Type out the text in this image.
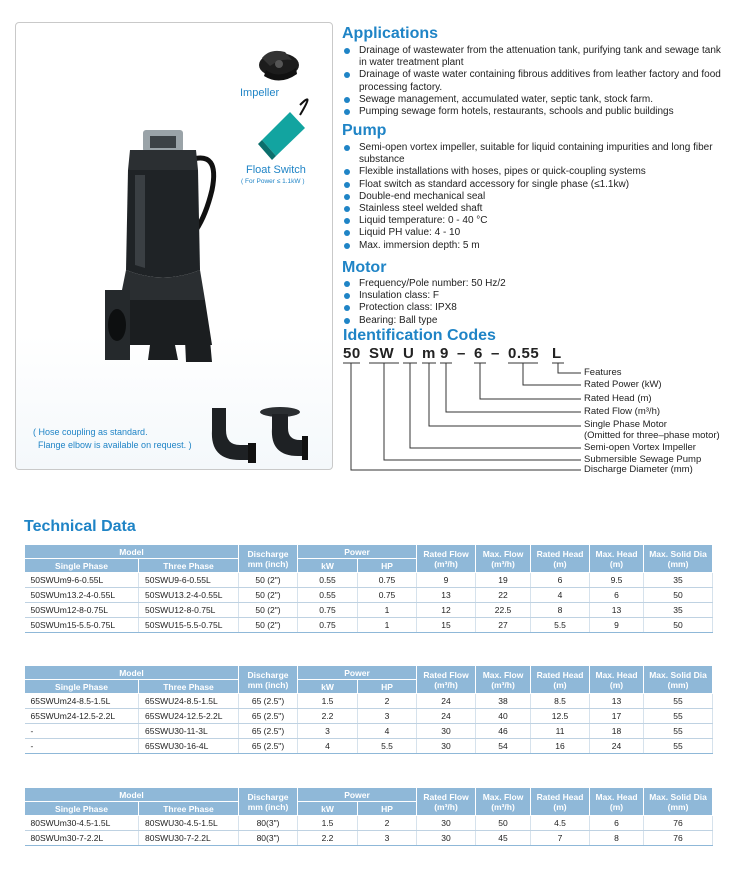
Impeller
Float Switch
( For Power ≤ 1.1kW )
( Hose coupling as standard.
Flange elbow is available on request. )
Applications
Drainage of wastewater from the attenuation tank, purifying tank and sewage tank in water treatment plant
Drainage of waste water containing fibrous additives from leather factory and food processing factory.
Sewage management, accumulated water, septic tank, stock farm.
Pumping sewage form hotels, restaurants, schools and public buildings
Pump
Semi-open vortex impeller, suitable for liquid containing impurities and long fiber substance
Flexible installations with hoses, pipes or quick-coupling systems
Float switch as standard accessory for single phase (≤1.1kw)
Double-end mechanical seal
Stainless steel welded shaft
Liquid temperature: 0 - 40 °C
Liquid PH value: 4 - 10
Max. immersion depth: 5 m
Motor
Frequency/Pole number: 50 Hz/2
Insulation class: F
Protection class: IPX8
Bearing: Ball type
Identification Codes
50 SW U m 9 – 6 – 0.55 L
Features
Rated Power (kW)
Rated Head (m)
Rated Flow (m³/h)
Single Phase Motor
(Omitted for three–phase motor)
Semi-open Vortex Impeller
Submersible Sewage Pump
Discharge Diameter (mm)
Technical Data
Model		Discharge
mm (inch)	Power		Rated Flow
(m³/h)	Max. Flow
(m³/h)	Rated Head
(m)	Max. Head
(m)	Max. Solid Dia
(mm)
Single Phase	Three Phase		kW	HP					
50SWUm9-6-0.55L	50SWU9-6-0.55L	50 (2")	0.55	0.75	9	19	6	9.5	35
50SWUm13.2-4-0.55L	50SWU13.2-4-0.55L	50 (2")	0.55	0.75	13	22	4	6	50
50SWUm12-8-0.75L	50SWU12-8-0.75L	50 (2")	0.75	1	12	22.5	8	13	35
50SWUm15-5.5-0.75L	50SWU15-5.5-0.75L	50 (2")	0.75	1	15	27	5.5	9	50
Model		Discharge
mm (inch)	Power		Rated Flow
(m³/h)	Max. Flow
(m³/h)	Rated Head
(m)	Max. Head
(m)	Max. Solid Dia
(mm)
Single Phase	Three Phase		kW	HP					
65SWUm24-8.5-1.5L	65SWU24-8.5-1.5L	65 (2.5")	1.5	2	24	38	8.5	13	55
65SWUm24-12.5-2.2L	65SWU24-12.5-2.2L	65 (2.5")	2.2	3	24	40	12.5	17	55
-	65SWU30-11-3L	65 (2.5")	3	4	30	46	11	18	55
-	65SWU30-16-4L	65 (2.5")	4	5.5	30	54	16	24	55
Model		Discharge
mm (inch)	Power		Rated Flow
(m³/h)	Max. Flow
(m³/h)	Rated Head
(m)	Max. Head
(m)	Max. Solid Dia
(mm)
Single Phase	Three Phase		kW	HP					
80SWUm30-4.5-1.5L	80SWU30-4.5-1.5L	80(3")	1.5	2	30	50	4.5	6	76
80SWUm30-7-2.2L	80SWU30-7-2.2L	80(3")	2.2	3	30	45	7	8	76
